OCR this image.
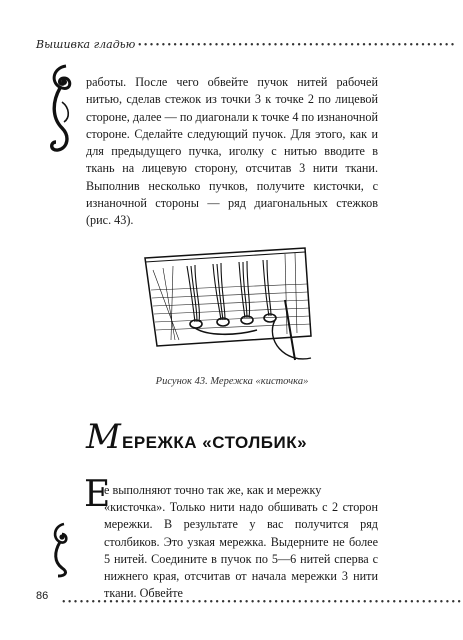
Вышивка гладью ••••••••••••••••••••••••••••••••••••••••••••••••••••••

работы. После чего обвейте пучок нитей рабочей нитью, сделав стежок из точки 3 к точке 2 по лицевой стороне, далее — по диагонали к точке 4 по изнаночной стороне. Сделайте следующий пучок. Для этого, как и для предыдущего пучка, иголку с нитью вводите в ткань на лицевую сторону, отсчитав 3 нити ткани. Выполнив несколько пучков, получите кисточки, с изнаночной стороны — ряд диагональных стежков (рис. 43).

Рисунок 43. Мережка «кисточка»
М ЕРЕЖКА «СТОЛБИК»
Е

е выполняют точно так же, как и мережку

«кисточка». Только нити надо обшивать с 2 сторон мережки. В результате у вас получится ряд столбиков. Это узкая мережка. Выдерните не более 5 нитей. Соедините в пучок по 5—6 нитей сперва с нижнего края, отсчитав от начала мережки 3 нити ткани. Обвейте

86
••••••••••••••••••••••••••••••••••••••••••••••••••••••••••••••••••••
